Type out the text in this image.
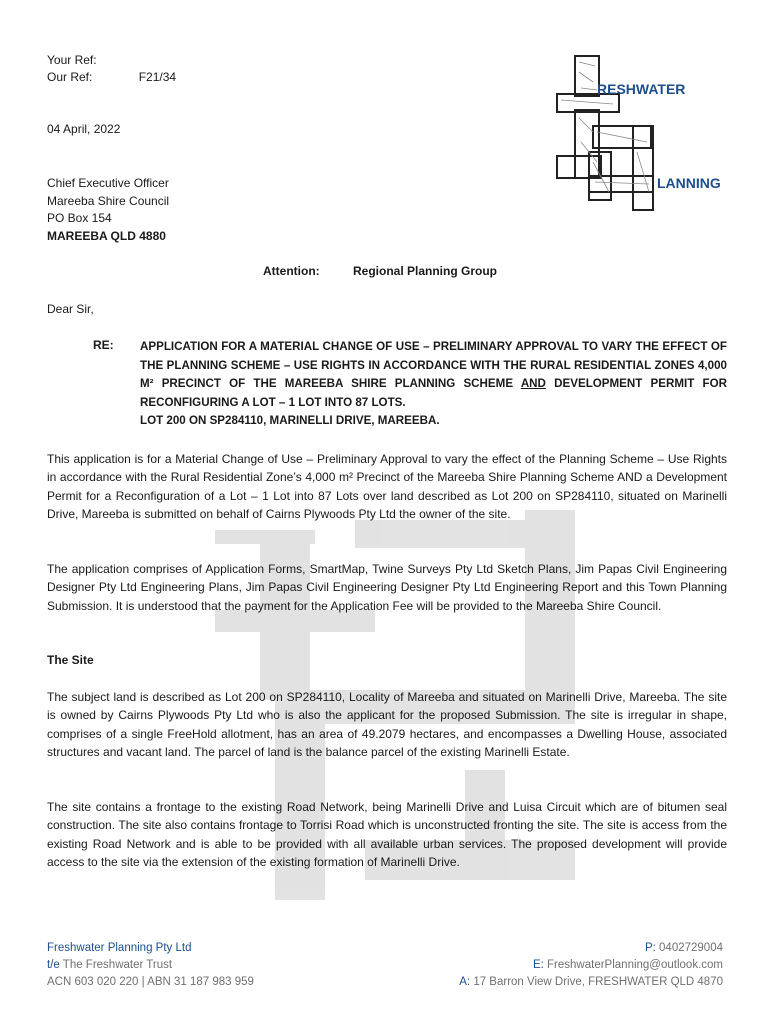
RESHWATER
LANNING
Your Ref:
Our Ref:	F21/34
04 April, 2022
Chief Executive Officer
Mareeba Shire Council
PO Box 154
MAREEBA QLD 4880
Attention:	Regional Planning Group
Dear Sir,
RE: APPLICATION FOR A MATERIAL CHANGE OF USE – PRELIMINARY APPROVAL TO VARY THE EFFECT OF THE PLANNING SCHEME – USE RIGHTS IN ACCORDANCE WITH THE RURAL RESIDENTIAL ZONES 4,000 M² PRECINCT OF THE MAREEBA SHIRE PLANNING SCHEME AND DEVELOPMENT PERMIT FOR RECONFIGURING A LOT – 1 LOT INTO 87 LOTS.
LOT 200 ON SP284110, MARINELLI DRIVE, MAREEBA.
This application is for a Material Change of Use – Preliminary Approval to vary the effect of the Planning Scheme – Use Rights in accordance with the Rural Residential Zone’s 4,000 m² Precinct of the Mareeba Shire Planning Scheme AND a Development Permit for a Reconfiguration of a Lot – 1 Lot into 87 Lots over land described as Lot 200 on SP284110, situated on Marinelli Drive, Mareeba is submitted on behalf of Cairns Plywoods Pty Ltd the owner of the site.
The application comprises of Application Forms, SmartMap, Twine Surveys Pty Ltd Sketch Plans, Jim Papas Civil Engineering Designer Pty Ltd Engineering Plans, Jim Papas Civil Engineering Designer Pty Ltd Engineering Report and this Town Planning Submission. It is understood that the payment for the Application Fee will be provided to the Mareeba Shire Council.
The Site
The subject land is described as Lot 200 on SP284110, Locality of Mareeba and situated on Marinelli Drive, Mareeba. The site is owned by Cairns Plywoods Pty Ltd who is also the applicant for the proposed Submission. The site is irregular in shape, comprises of a single FreeHold allotment, has an area of 49.2079 hectares, and encompasses a Dwelling House, associated structures and vacant land. The parcel of land is the balance parcel of the existing Marinelli Estate.
The site contains a frontage to the existing Road Network, being Marinelli Drive and Luisa Circuit which are of bitumen seal construction. The site also contains frontage to Torrisi Road which is unconstructed fronting the site. The site is access from the existing Road Network and is able to be provided with all available urban services. The proposed development will provide access to the site via the extension of the existing formation of Marinelli Drive.
Freshwater Planning Pty Ltd
t/e The Freshwater Trust
ACN 603 020 220 | ABN 31 187 983 959
P: 0402729004
E: FreshwaterPlanning@outlook.com
A: 17 Barron View Drive, FRESHWATER QLD 4870
